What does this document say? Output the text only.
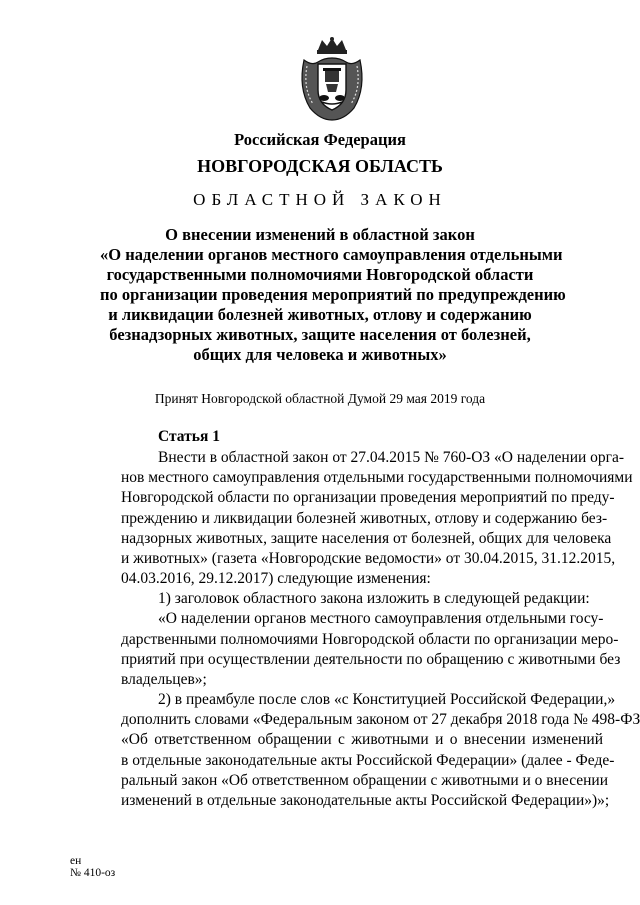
Российская Федерация
НОВГОРОДСКАЯ ОБЛАСТЬ
ОБЛАСТНОЙ ЗАКОН
О внесении изменений в областной закон
«О наделении органов местного самоуправления отдельными
государственными полномочиями Новгородской области
по организации проведения мероприятий по предупреждению
и ликвидации болезней животных, отлову и содержанию
безнадзорных животных, защите населения от болезней,
общих для человека и животных»
Принят Новгородской областной Думой 29 мая 2019 года
Статья 1
Внести в областной закон от 27.04.2015 № 760-ОЗ «О наделении орга-
нов местного самоуправления отдельными государственными полномочиями
Новгородской области по организации проведения мероприятий по преду-
преждению и ликвидации болезней животных, отлову и содержанию без-
надзорных животных, защите населения от болезней, общих для человека
и животных» (газета «Новгородские ведомости» от 30.04.2015, 31.12.2015,
04.03.2016, 29.12.2017) следующие изменения:
1) заголовок областного закона изложить в следующей редакции:
«О наделении органов местного самоуправления отдельными госу-
дарственными полномочиями Новгородской области по организации меро-
приятий при осуществлении деятельности по обращению с животными без
владельцев»;
2) в преамбуле после слов «с Конституцией Российской Федерации,»
дополнить словами «Федеральным законом от 27 декабря 2018 года № 498-ФЗ
«Об ответственном обращении с животными и о внесении изменений
в отдельные законодательные акты Российской Федерации» (далее - Феде-
ральный закон «Об ответственном обращении с животными и о внесении
изменений в отдельные законодательные акты Российской Федерации»)»;
ен
№ 410-оз
